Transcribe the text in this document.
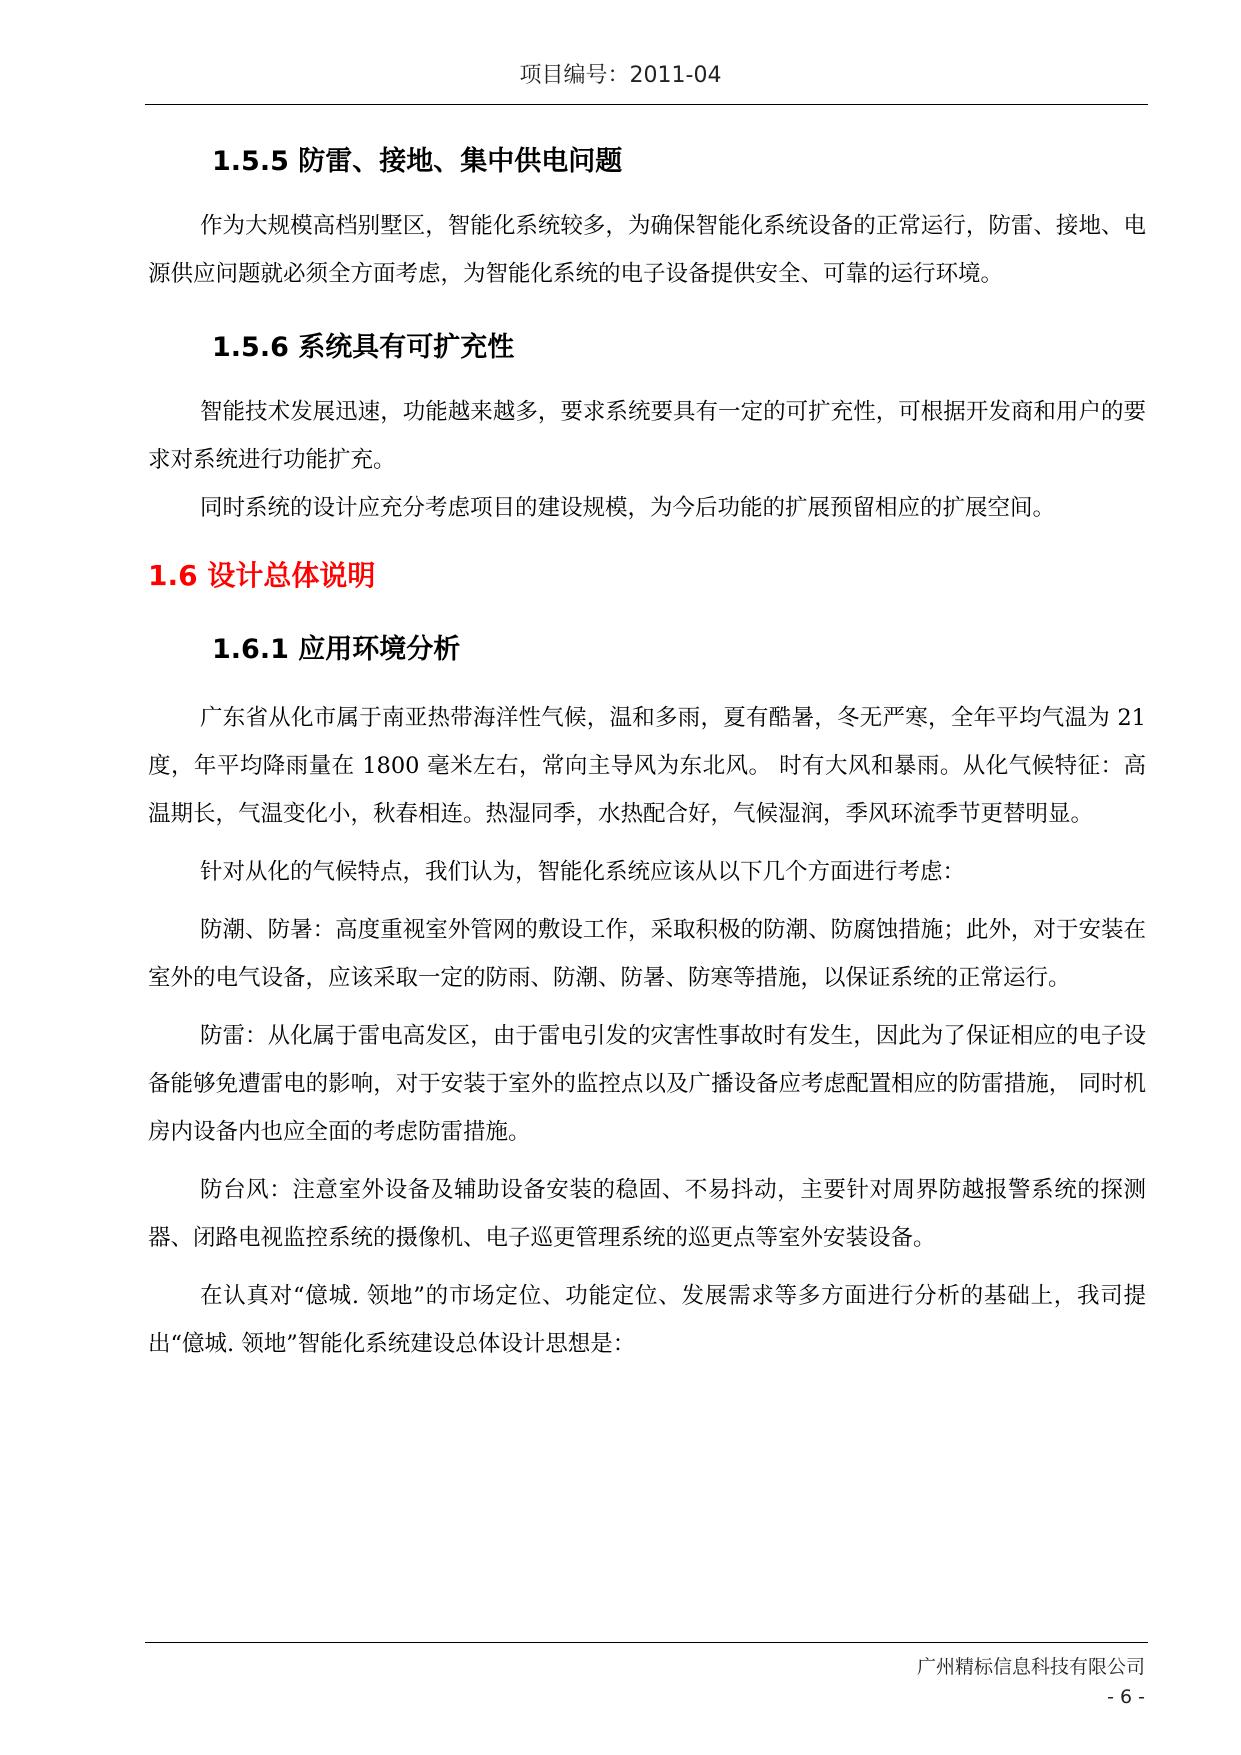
项目编号：2011-04
1.5.5 防雷、接地、集中供电问题

作为大规模高档别墅区，智能化系统较多，为确保智能化系统设备的正常运行，防雷、接地、电源供应问题就必须全方面考虑，为智能化系统的电子设备提供安全、可靠的运行环境。

1.5.6 系统具有可扩充性

智能技术发展迅速，功能越来越多，要求系统要具有一定的可扩充性，可根据开发商和用户的要求对系统进行功能扩充。

同时系统的设计应充分考虑项目的建设规模，为今后功能的扩展预留相应的扩展空间。

1.6 设计总体说明
1.6.1 应用环境分析

广东省从化市属于南亚热带海洋性气候，温和多雨，夏有酷暑，冬无严寒，全年平均气温为 21 度，年平均降雨量在 1800 毫米左右，常向主导风为东北风。 时有大风和暴雨。从化气候特征：高温期长，气温变化小，秋春相连。热湿同季，水热配合好，气候湿润，季风环流季节更替明显。

针对从化的气候特点，我们认为，智能化系统应该从以下几个方面进行考虑：

防潮、防暑：高度重视室外管网的敷设工作，采取积极的防潮、防腐蚀措施；此外，对于安装在室外的电气设备，应该采取一定的防雨、防潮、防暑、防寒等措施，以保证系统的正常运行。

防雷：从化属于雷电高发区，由于雷电引发的灾害性事故时有发生，因此为了保证相应的电子设备能够免遭雷电的影响，对于安装于室外的监控点以及广播设备应考虑配置相应的防雷措施， 同时机房内设备内也应全面的考虑防雷措施。

防台风：注意室外设备及辅助设备安装的稳固、不易抖动，主要针对周界防越报警系统的探测器、闭路电视监控系统的摄像机、电子巡更管理系统的巡更点等室外安装设备。

在认真对“億城. 领地”的市场定位、功能定位、发展需求等多方面进行分析的基础上，我司提出“億城. 领地”智能化系统建设总体设计思想是：

广州精标信息科技有限公司
- 6 -
